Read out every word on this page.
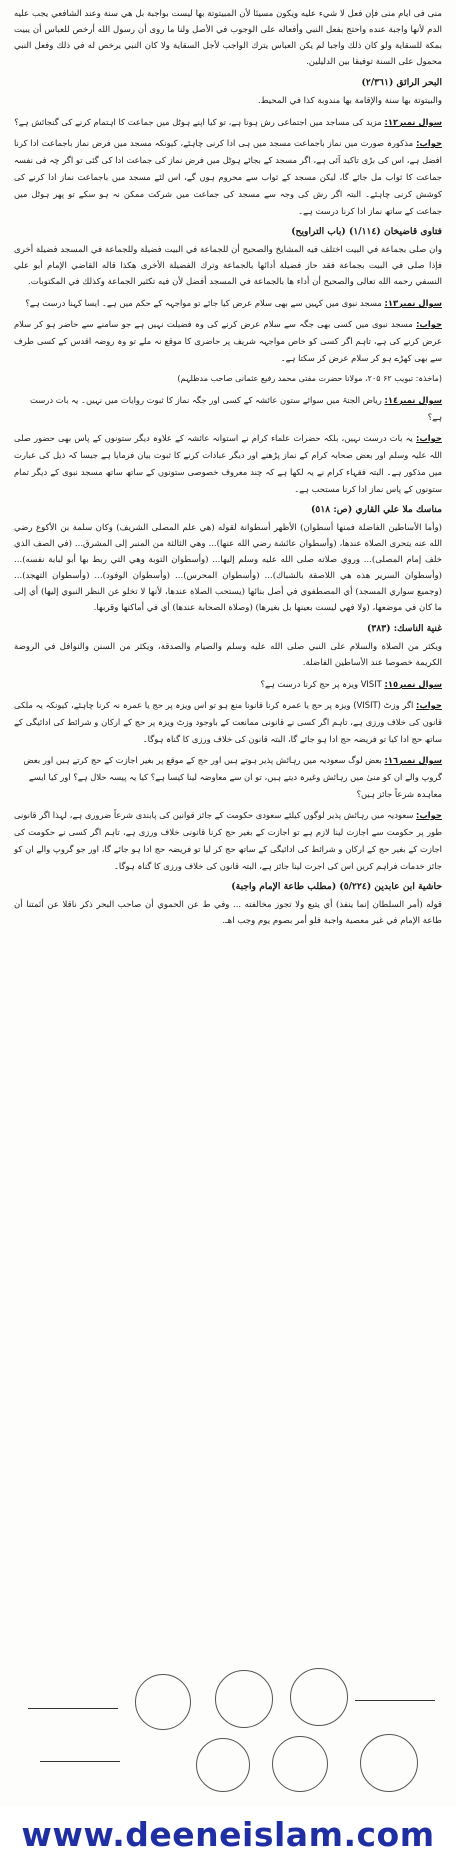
منی فی ايام منی فإن فعل لا شيء عليه ويكون مسيئا لأن المبيتوتة بها ليست بواجبة بل هي سنة وعند الشافعي يجب عليه الدم لأنها واجبة عنده واحتج بفعل النبي وأفعاله على الوجوب في الأصل ولنا ما روی أن رسول الله أرخص للعباس أن يبيت بمكة للسقاية ولو كان ذلك واجبا لم يكن العباس يترك الواجب لأجل السقاية ولا كان النبي يرخص له في ذلك وفعل النبي محمول على السنة توفيقا بين الدليلين.
البحر الرائق (٢/٣٦١)
والبيتوتة بها سنة والإقامة بها مندوبة كذا في المحيط.
سوال نمبر١٢: مزید کی مساجد میں اجتماعی رش ہوتا ہے، تو کیا اپنے ہوٹل میں جماعت کا اہتمام کرنے کی گنجائش ہے؟
جواب: مذکورہ صورت میں نماز باجماعت مسجد میں ہی ادا کرنی چاہئے، کیونکہ مسجد میں فرض نماز باجماعت ادا کرنا افضل ہے، اس کی بڑی تاکید آئی ہے، اگر مسجد کے بجائے ہوٹل میں فرض نماز کی جماعت ادا کی گئی تو اگر چہ فی نفسہ جماعت کا ثواب مل جائے گا، لیکن مسجد کے ثواب سے محروم ہوں گے، اس لئے مسجد میں باجماعت نماز ادا کرنے کی کوشش کرنی چاہئے۔ البتہ اگر رش کی وجہ سے مسجد کی جماعت میں شرکت ممکن نہ ہو سکے تو پھر ہوٹل میں جماعت کے ساتھ نماز ادا کرنا درست ہے۔
فتاوی قاضیخان (١/١١٤) (باب التراويح)
وان صلى بجماعة في البيت اختلف فيه المشايخ والصحيح أن للجماعة في البيت فضيلة وللجماعة في المسجد فضيلة أخرى فإذا صلى في البيت بجماعة فقد حاز فضيلة أدائها بالجماعة وترك الفضيلة الأخرى هكذا قاله القاضي الإمام أبو علي النسفي رحمه الله تعالى والصحيح أن أداء ها بالجماعة في المسجد أفضل لأن فيه تكثير الجماعة وكذلك في المكتوبات.
سوال نمبر١٣: مسجد نبوی میں کہیں سے بھی سلام عرض کیا جائے تو مواجہہ کے حکم میں ہے۔ ایسا کہنا درست ہے؟
جواب: مسجد نبوی میں کسی بھی جگہ سے سلام عرض کرنے کی وہ فضیلت نہیں ہے جو سامنے سے حاضر ہو کر سلام عرض کرنے کی ہے، تاہم اگر کسی کو خاص مواجہہ شریف پر حاضری کا موقع نہ ملے تو وہ روضہ اقدس کے کسی طرف سے بھی کھڑے ہو کر سلام عرض کر سکتا ہے۔
(ماخذہ: تبویب ۶۲ ۲۰۵، مولانا حضرت مفتی محمد رفیع عثمانی صاحب مدظلہم)
سوال نمبر١٤: ریاض الجنۃ میں سوائے ستون عائشہ کے کسی اور جگہ نماز کا ثبوت روایات میں نہیں۔ یہ بات درست ہے؟
جواب: یہ بات درست نہیں، بلکہ حضرات علماء کرام نے استوانہ عائشہ کے علاوہ دیگر ستونوں کے پاس بھی حضور صلی اللہ علیہ وسلم اور بعض صحابہ کرام کے نماز پڑھنے اور دیگر عبادات کرنے کا ثبوت بیان فرمایا ہے جیسا کہ ذیل کی عبارت میں مذکور ہے۔ البتہ فقہاء کرام نے یہ لکھا ہے کہ چند معروف خصوصی ستونوں کے ساتھ ساتھ مسجد نبوی کے دیگر تمام ستونوں کے پاس نماز ادا کرنا مستحب ہے۔
مناسك ملا علي القاري (ص: ٥١٨)
(وأما الأساطين الفاضلة فمنها أسطوان) الأظهر أسطوانة لقوله (هي علم المصلى الشريف) وكان سلمة بن الأكوع رضي الله عنه يتحرى الصلاة عندها، (وأسطوان عائشة رضي الله عنها)... وهي الثالثة من المنبر إلى المشرق... (في الصف الذي خلف إمام المصلى)... وروي صلاته صلى الله عليه وسلم إليها... (وأسطوان التوبة وهي التي ربط بها أبو لبابة نفسه)... (وأسطوان السرير هذه هي اللاصقة بالشباك)... (وأسطوان المحرس)... (وأسطوان الوفود)... (وأسطوان التهجد)... (وجميع سواري المسجد) أي المصطفوي في أصل بنائها (يستحب الصلاة عندها، لأنها لا تخلو عن النظر النبوي إليها) أي إلى ما كان في موضعها، (ولا فهي ليست بعينها بل بغيرها) (وصلاة الصحابة عندها) أي في أماكنها وقربها.
غنية الناسك: (٣٨٣)
ويكثر من الصلاة والسلام على النبي صلى الله عليه وسلم والصيام والصدقة، ويكثر من السنن والنوافل في الروضة الكريمة خصوصا عند الأساطين الفاضلة.
سوال نمبر١٥: VISIT ویزہ پر حج کرنا درست ہے؟
جواب: اگر وزٹ (VISIT) ویزہ پر حج یا عمرہ کرنا قانونا منع ہو تو اس ویزہ پر حج یا عمرہ نہ کرنا چاہئے، کیونکہ یہ ملکی قانون کی خلاف ورزی ہے، تاہم اگر کسی نے قانونی ممانعت کے باوجود وزٹ ویزہ پر حج کے ارکان و شرائط کی ادائیگی کے ساتھ حج ادا کیا تو فریضہ حج ادا ہو جائے گا، البتہ قانون کی خلاف ورزی کا گناہ ہوگا۔
سوال نمبر١٦: بعض لوگ سعودیہ میں رہائش پذیر ہوتے ہیں اور حج کے موقع پر بغیر اجازت کے حج کرتے ہیں اور بعض گروپ والے ان کو منیٰ میں رہائش وغیرہ دیتے ہیں، تو ان سے معاوضہ لینا کیسا ہے؟ کیا یہ پیسہ حلال ہے؟ اور کیا ایسے معاہدہ شرعاً جائز ہیں؟
جواب: سعودیہ میں رہائش پذیر لوگوں کیلئے سعودی حکومت کے جائز قوانین کی پابندی شرعاً ضروری ہے، لہذا اگر قانونی طور پر حکومت سے اجازت لینا لازم ہے تو اجازت کے بغیر حج کرنا قانونی خلاف ورزی ہے، تاہم اگر کسی نے حکومت کی اجازت کے بغیر حج کے ارکان و شرائط کی ادائیگی کے ساتھ حج کر لیا تو فریضہ حج ادا ہو جائے گا، اور جو گروپ والے ان کو جائز خدمات فراہم کریں اس کی اجرت لینا جائز ہے، البتہ قانون کی خلاف ورزی کا گناہ ہوگا۔
حاشية ابن عابدين (٥/٢٢٤) (مطلب طاعة الإمام واجبة)
قوله (أمر السلطان إنما ينفذ) أي يتبع ولا تجوز مخالفته ... وفي ط عن الحموي أن صاحب البحر ذكر ناقلا عن أئمتنا أن طاعة الإمام في غير معصية واجبة فلو أمر بصوم يوم وجب اهـ.
www.deeneislam.com
